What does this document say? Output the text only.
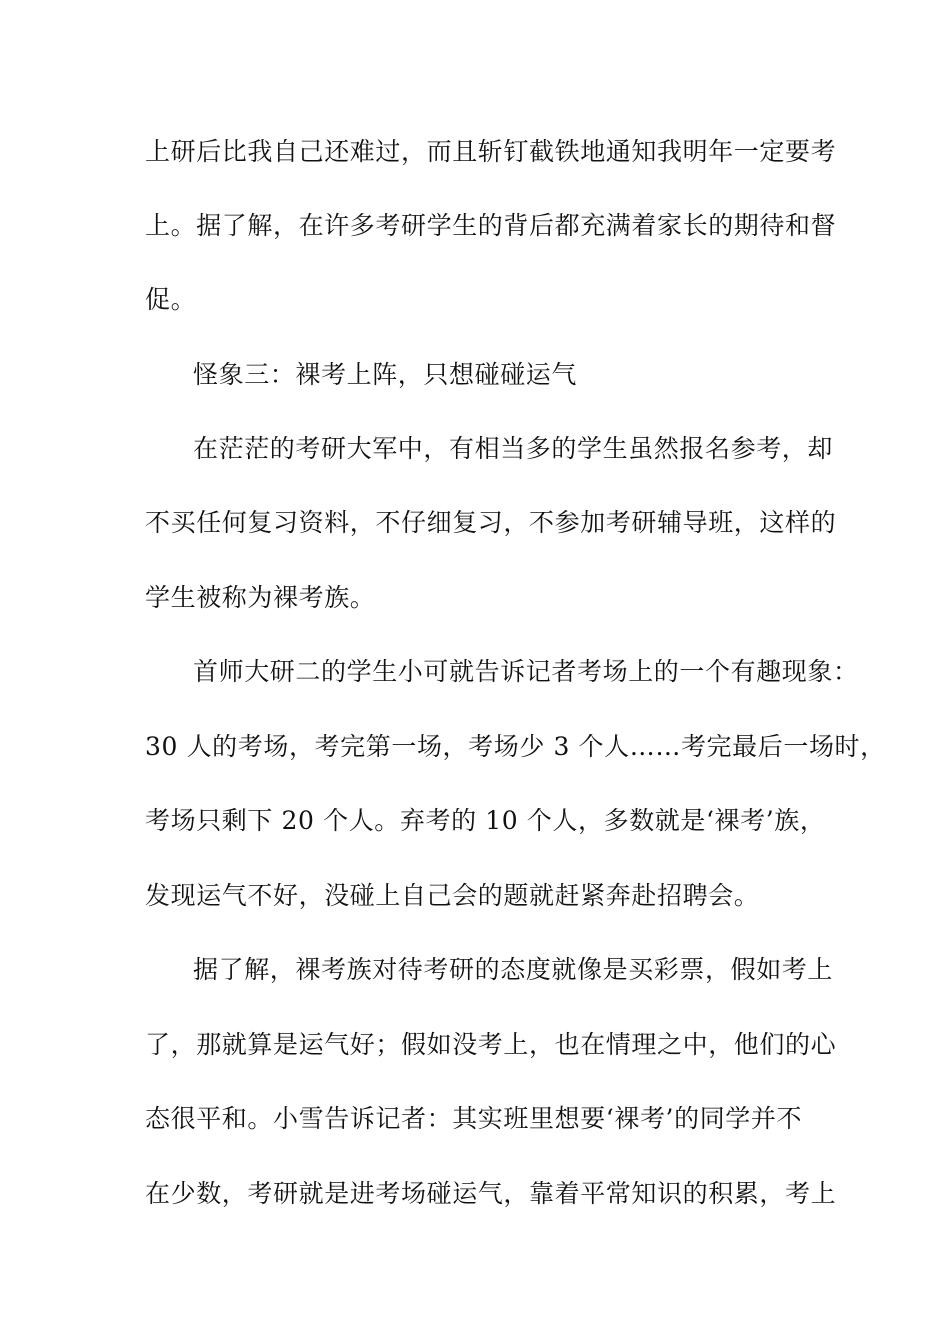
上研后比我自己还难过，而且斩钉截铁地通知我明年一定要考
上。据了解，在许多考研学生的背后都充满着家长的期待和督
促。
怪象三：裸考上阵，只想碰碰运气
在茫茫的考研大军中，有相当多的学生虽然报名参考，却
不买任何复习资料，不仔细复习，不参加考研辅导班，这样的
学生被称为裸考族。
首师大研二的学生小可就告诉记者考场上的一个有趣现象：
30 人的考场，考完第一场，考场少 3 个人……考完最后一场时，
考场只剩下 20 个人。弃考的 10 个人，多数就是‘裸考’族，
发现运气不好，没碰上自己会的题就赶紧奔赴招聘会。
据了解，裸考族对待考研的态度就像是买彩票，假如考上
了，那就算是运气好；假如没考上，也在情理之中，他们的心
态很平和。小雪告诉记者：其实班里想要‘裸考’的同学并不
在少数，考研就是进考场碰运气，靠着平常知识的积累，考上
